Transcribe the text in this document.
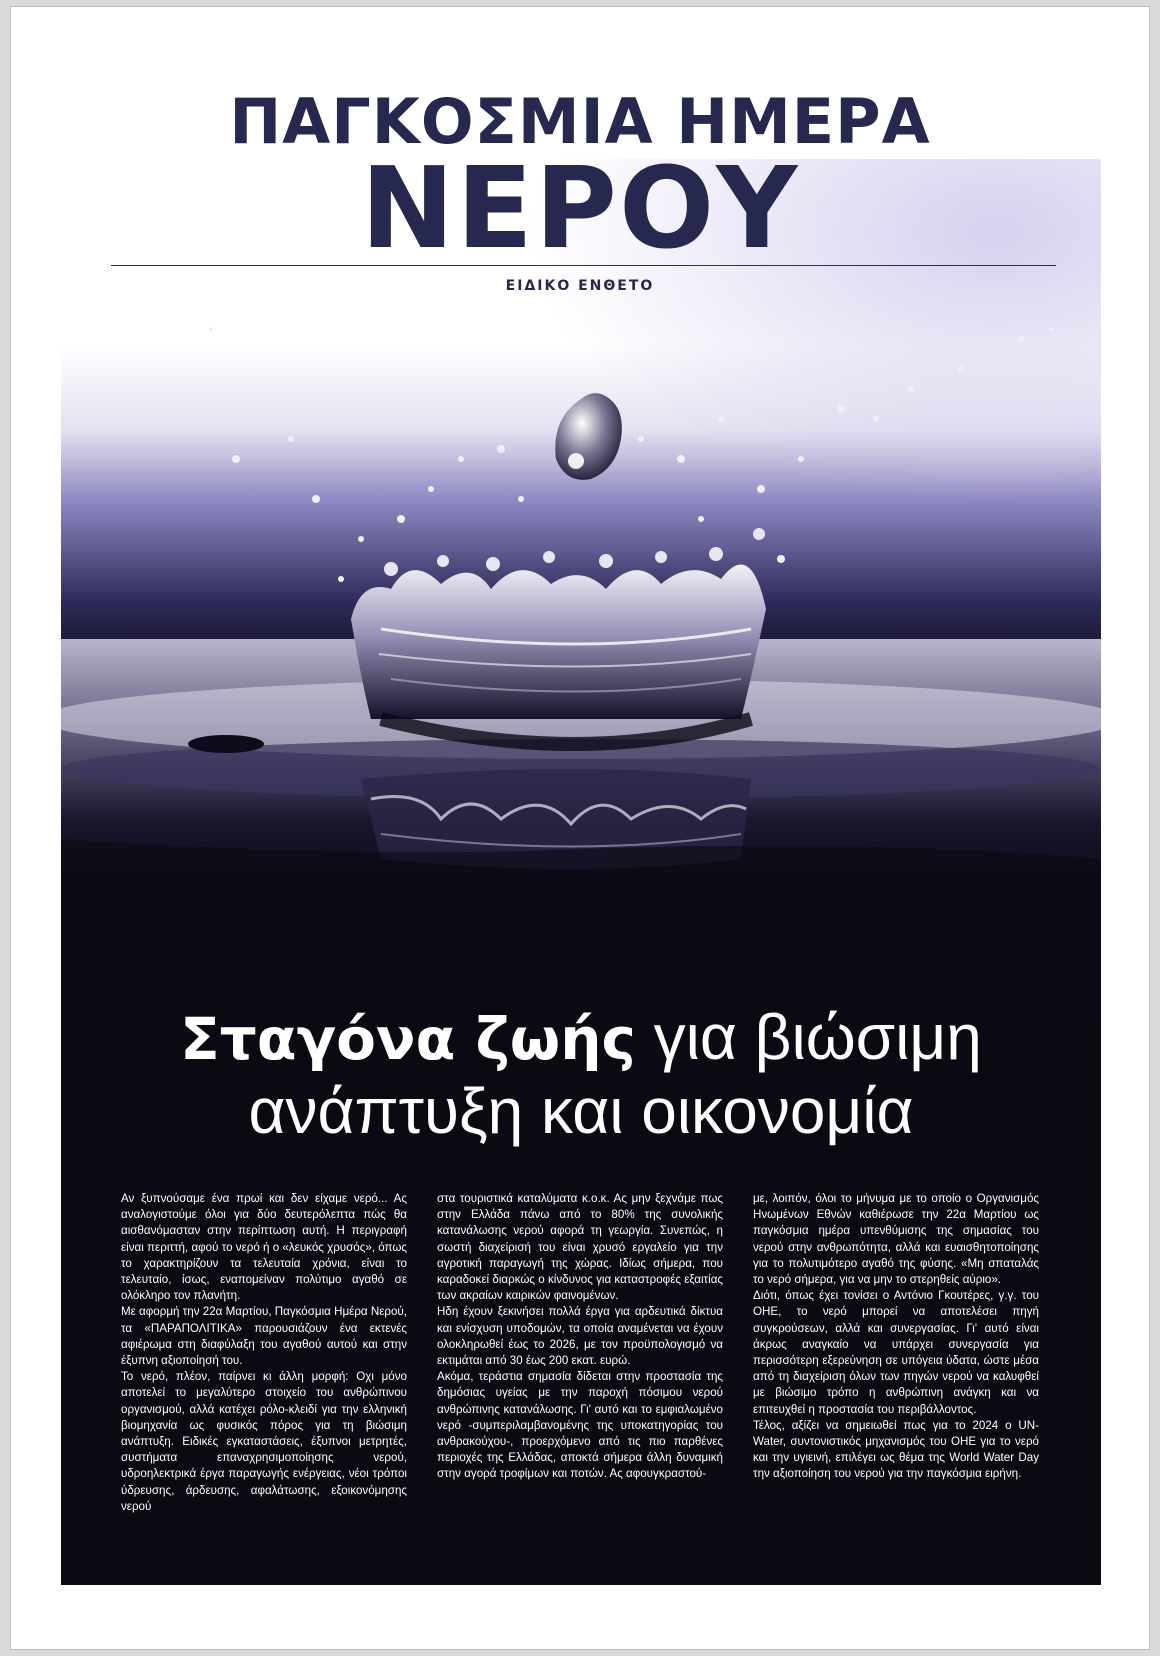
ΠΑΓΚΟΣΜΙΑ ΗΜΕΡΑ
ΝΕΡΟΥ
ΕΙΔΙΚΟ ΕΝΘΕΤΟ
Σταγόνα ζωής για βιώσιμη
ανάπτυξη και οικονομία

Αν ξυπνούσαμε ένα πρωί και δεν είχαμε νερό... Ας αναλογιστούμε όλοι για δύο δευτερόλεπτα πώς θα αισθανόμασταν στην περίπτωση αυτή. Η περιγραφή είναι περιττή, αφού το νερό ή ο «λευκός χρυσός», όπως το χαρακτηρίζουν τα τελευταία χρόνια, είναι το τελευταίο, ίσως, εναπομείναν πολύτιμο αγαθό σε ολόκληρο τον πλανήτη.

Με αφορμή την 22α Μαρτίου, Παγκόσμια Ημέρα Νερού, τα «ΠΑΡΑΠΟΛΙΤΙΚΑ» παρουσιάζουν ένα εκτενές αφιέρωμα στη διαφύλαξη του αγαθού αυτού και στην έξυπνη αξιοποίησή του.

Το νερό, πλέον, παίρνει κι άλλη μορφή: Οχι μόνο αποτελεί το μεγαλύτερο στοιχείο του ανθρώπινου οργανισμού, αλλά κατέχει ρόλο-κλειδί για την ελληνική βιομηχανία ως φυσικός πόρος για τη βιώσιμη ανάπτυξη. Ειδικές εγκαταστάσεις, έξυπνοι μετρητές, συστήματα επαναχρησιμοποίησης νερού, υδροηλεκτρικά έργα παραγωγής ενέργειας, νέοι τρόποι ύδρευσης, άρδευσης, αφαλάτωσης, εξοικονόμησης νερού

στα τουριστικά καταλύματα κ.ο.κ. Ας μην ξεχνάμε πως στην Ελλάδα πάνω από το 80% της συνολικής κατανάλωσης νερού αφορά τη γεωργία. Συνεπώς, η σωστή διαχείρισή του είναι χρυσό εργαλείο για την αγροτική παραγωγή της χώρας. Ιδίως σήμερα, που καραδοκεί διαρκώς ο κίνδυνος για καταστροφές εξαιτίας των ακραίων καιρικών φαινομένων.

Ηδη έχουν ξεκινήσει πολλά έργα για αρδευτικά δίκτυα και ενίσχυση υποδομών, τα οποία αναμένεται να έχουν ολοκληρωθεί έως το 2026, με τον προϋπολογισμό να εκτιμάται από 30 έως 200 εκατ. ευρώ.

Ακόμα, τεράστια σημασία δίδεται στην προστασία της δημόσιας υγείας με την παροχή πόσιμου νερού ανθρώπινης κατανάλωσης. Γι' αυτό και το εμφιαλωμένο νερό -συμπεριλαμβανομένης της υποκατηγορίας του ανθρακούχου-, προερχόμενο από τις πιο παρθένες περιοχές της Ελλάδας, αποκτά σήμερα άλλη δυναμική στην αγορά τροφίμων και ποτών. Ας αφουγκραστού-

με, λοιπόν, όλοι το μήνυμα με το οποίο ο Οργανισμός Ηνωμένων Εθνών καθιέρωσε την 22α Μαρτίου ως παγκόσμια ημέρα υπενθύμισης της σημασίας του νερού στην ανθρωπότητα, αλλά και ευαισθητοποίησης για το πολυτιμότερο αγαθό της φύσης. «Μη σπαταλάς το νερό σήμερα, για να μην το στερηθείς αύριο».

Διότι, όπως έχει τονίσει ο Αντόνιο Γκουτέρες, γ.γ. του ΟΗΕ, το νερό μπορεί να αποτελέσει πηγή συγκρούσεων, αλλά και συνεργασίας. Γι' αυτό είναι άκρως αναγκαίο να υπάρχει συνεργασία για περισσότερη εξερεύνηση σε υπόγεια ύδατα, ώστε μέσα από τη διαχείριση όλων των πηγών νερού να καλυφθεί με βιώσιμο τρόπο η ανθρώπινη ανάγκη και να επιτευχθεί η προστασία του περιβάλλοντος.

Τέλος, αξίζει να σημειωθεί πως για το 2024 ο UN-Water, συντονιστικός μηχανισμός του ΟΗΕ για το νερό και την υγιεινή, επιλέγει ως θέμα της World Water Day την αξιοποίηση του νερού για την παγκόσμια ειρήνη.
